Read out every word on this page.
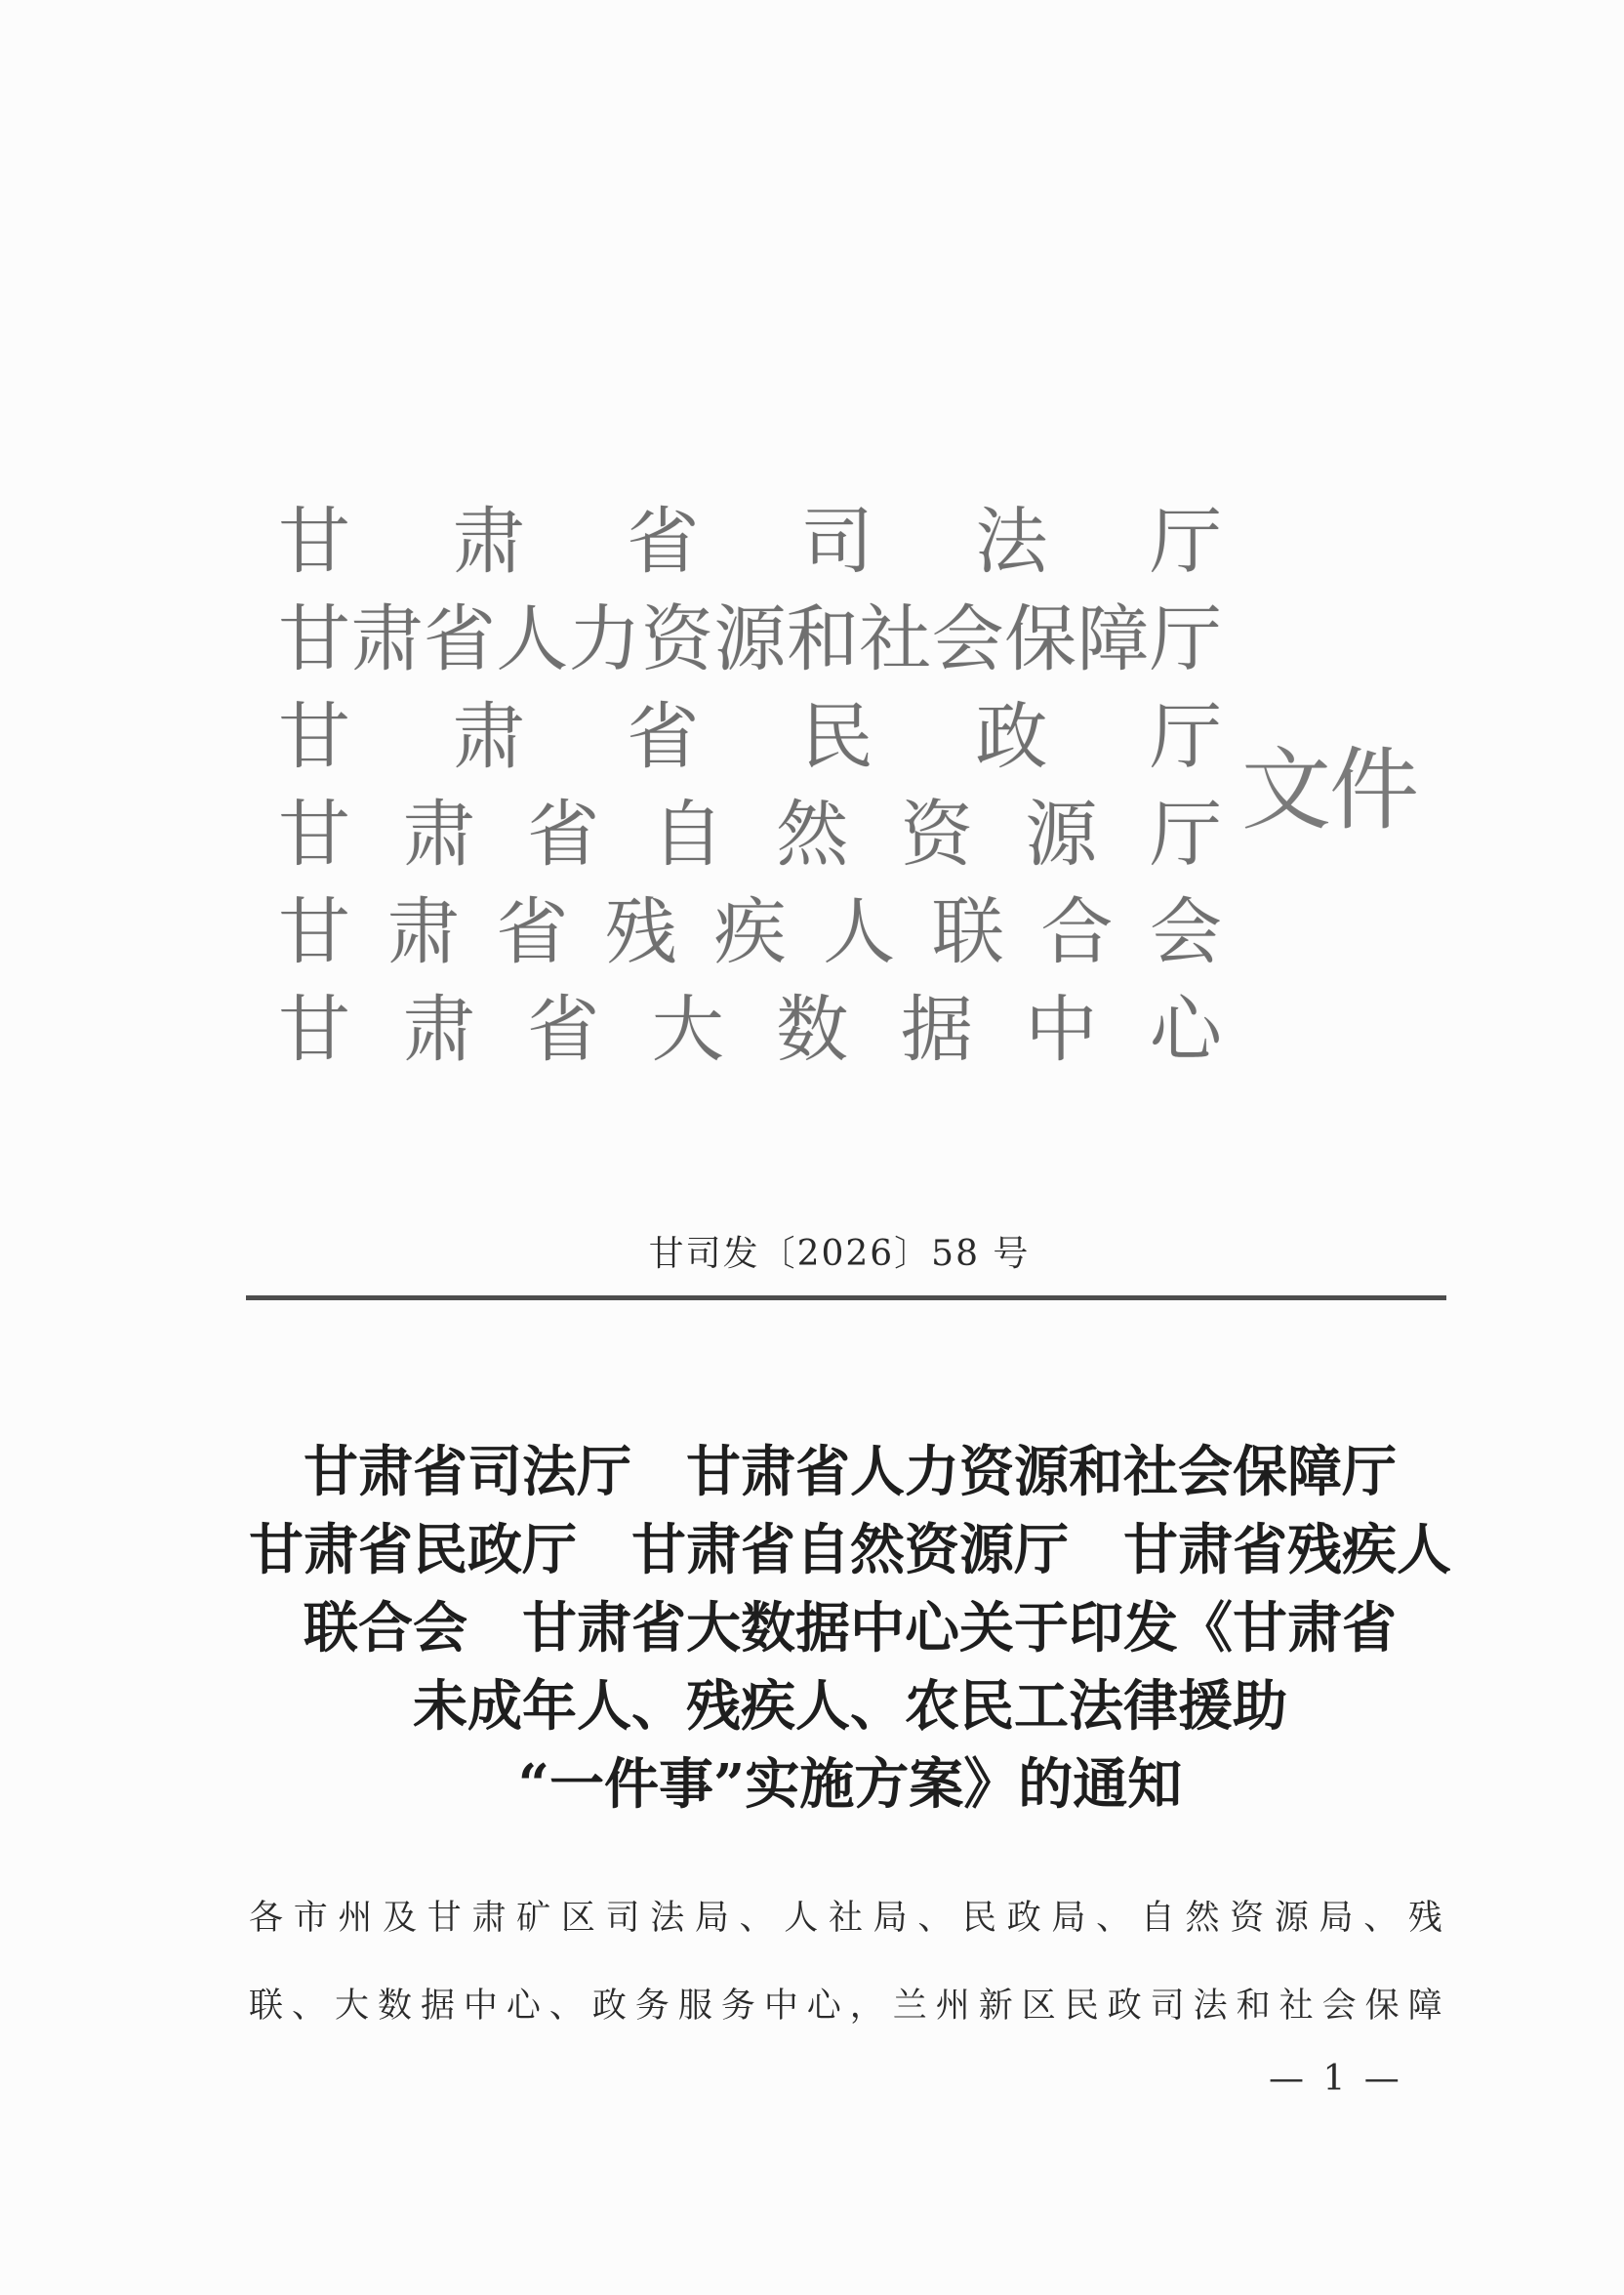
甘 肃 省 司 法 厅
甘 肃 省 人 力 资 源 和 社 会 保 障 厅
甘 肃 省 民 政 厅
甘 肃 省 自 然 资 源 厅
甘 肃 省 残 疾 人 联 合 会
甘 肃 省 大 数 据 中 心
文件
甘司发〔2026〕58 号
甘肃省司法厅　甘肃省人力资源和社会保障厅
甘肃省民政厅　甘肃省自然资源厅　甘肃省残疾人
联合会　甘肃省大数据中心关于印发《甘肃省
未成年人、残疾人、农民工法律援助
“一件事”实施方案》的通知
各 市 州 及 甘 肃 矿 区 司 法 局 、 人 社 局 、 民 政 局 、 自 然 资 源 局 、 残
联 、 大 数 据 中 心 、 政 务 服 务 中 心 ， 兰 州 新 区 民 政 司 法 和 社 会 保 障
— 1 —
